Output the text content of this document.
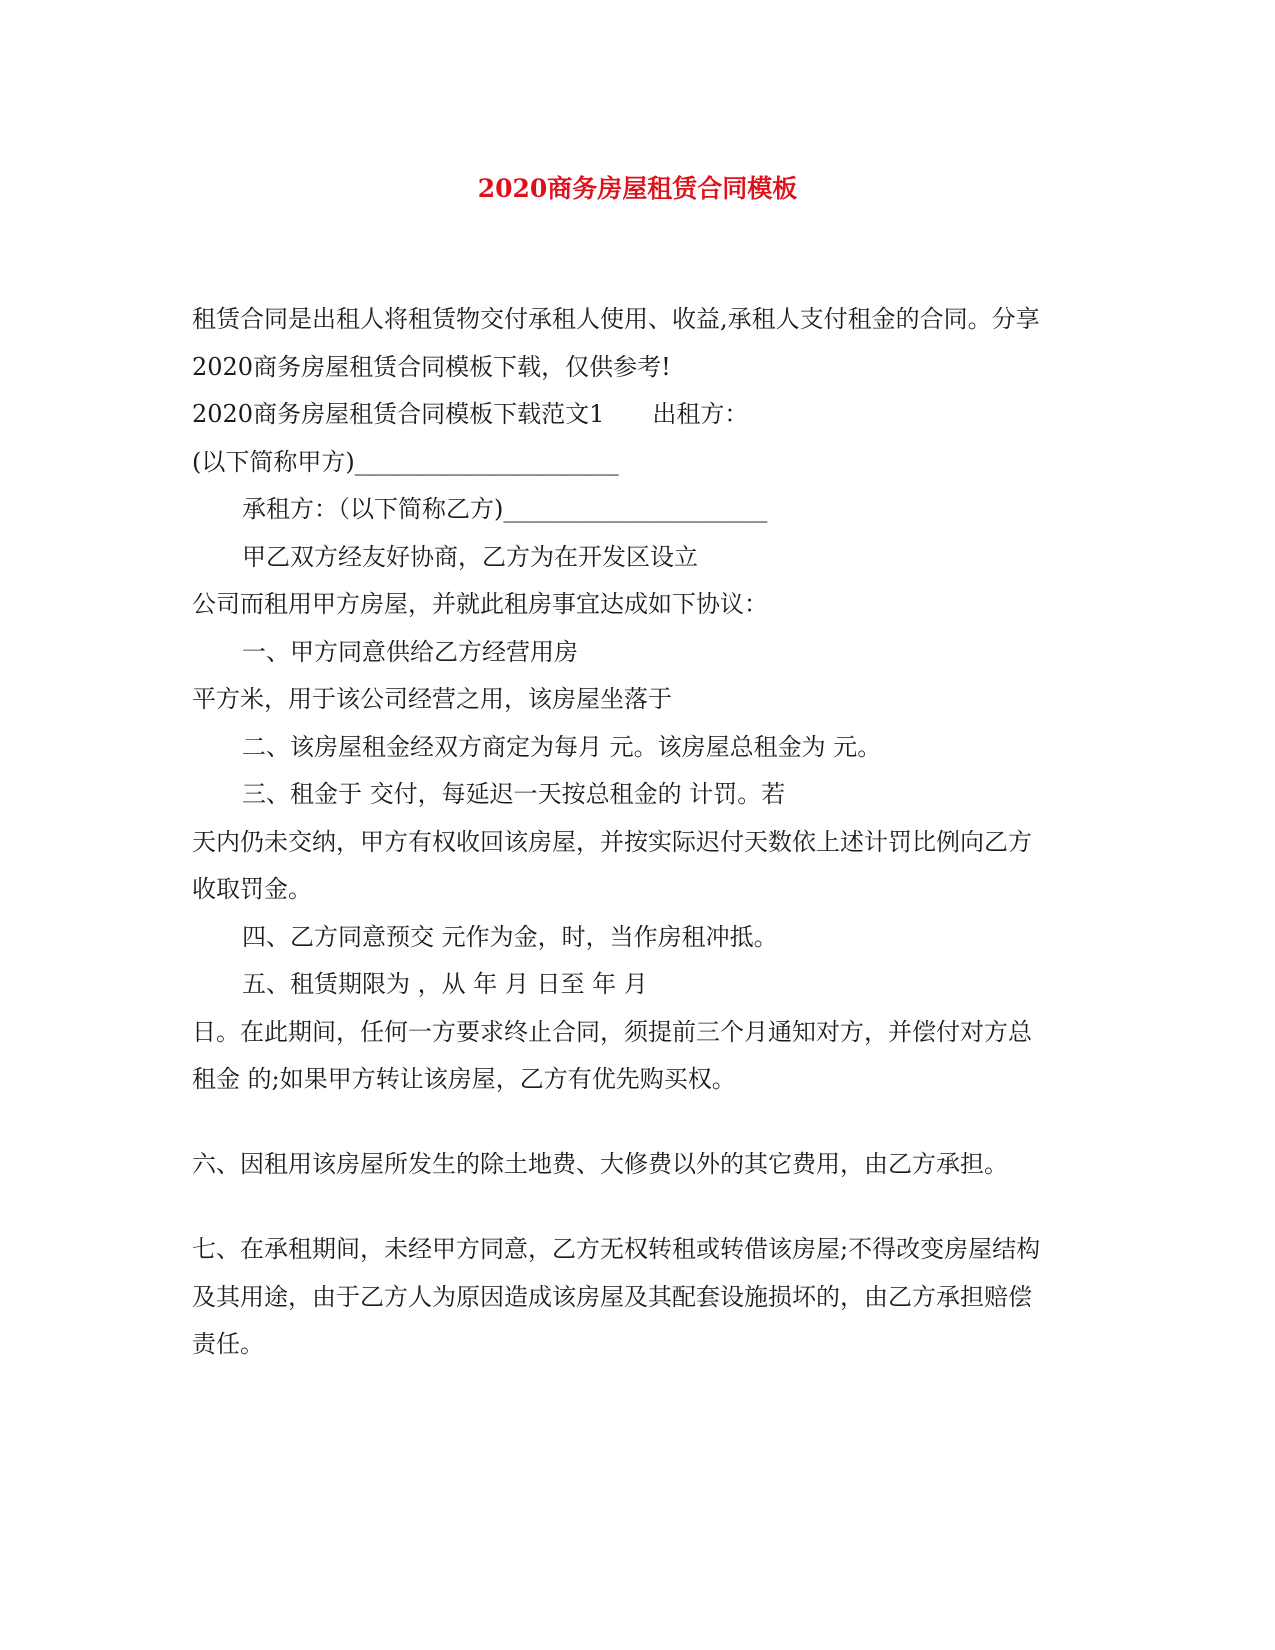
2020商务房屋租赁合同模板
租赁合同是出租人将租赁物交付承租人使用、收益,承租人支付租金的合同。分享
2020商务房屋租赁合同模板下载，仅供参考!
2020商务房屋租赁合同模板下载范文1　　出租方：
(以下简称甲方)______________________
承租方：（以下简称乙方)______________________
甲乙双方经友好协商，乙方为在开发区设立
公司而租用甲方房屋，并就此租房事宜达成如下协议：
一、甲方同意供给乙方经营用房
平方米，用于该公司经营之用，该房屋坐落于
二、该房屋租金经双方商定为每月 元。该房屋总租金为 元。
三、租金于 交付，每延迟一天按总租金的 计罚。若
天内仍未交纳，甲方有权收回该房屋，并按实际迟付天数依上述计罚比例向乙方
收取罚金。
四、乙方同意预交 元作为金，时，当作房租冲抵。
五、租赁期限为 ，从 年 月 日至 年 月
日。在此期间，任何一方要求终止合同，须提前三个月通知对方，并偿付对方总
租金 的;如果甲方转让该房屋，乙方有优先购买权。
六、因租用该房屋所发生的除土地费、大修费以外的其它费用，由乙方承担。
七、在承租期间，未经甲方同意，乙方无权转租或转借该房屋;不得改变房屋结构
及其用途，由于乙方人为原因造成该房屋及其配套设施损坏的，由乙方承担赔偿
责任。
